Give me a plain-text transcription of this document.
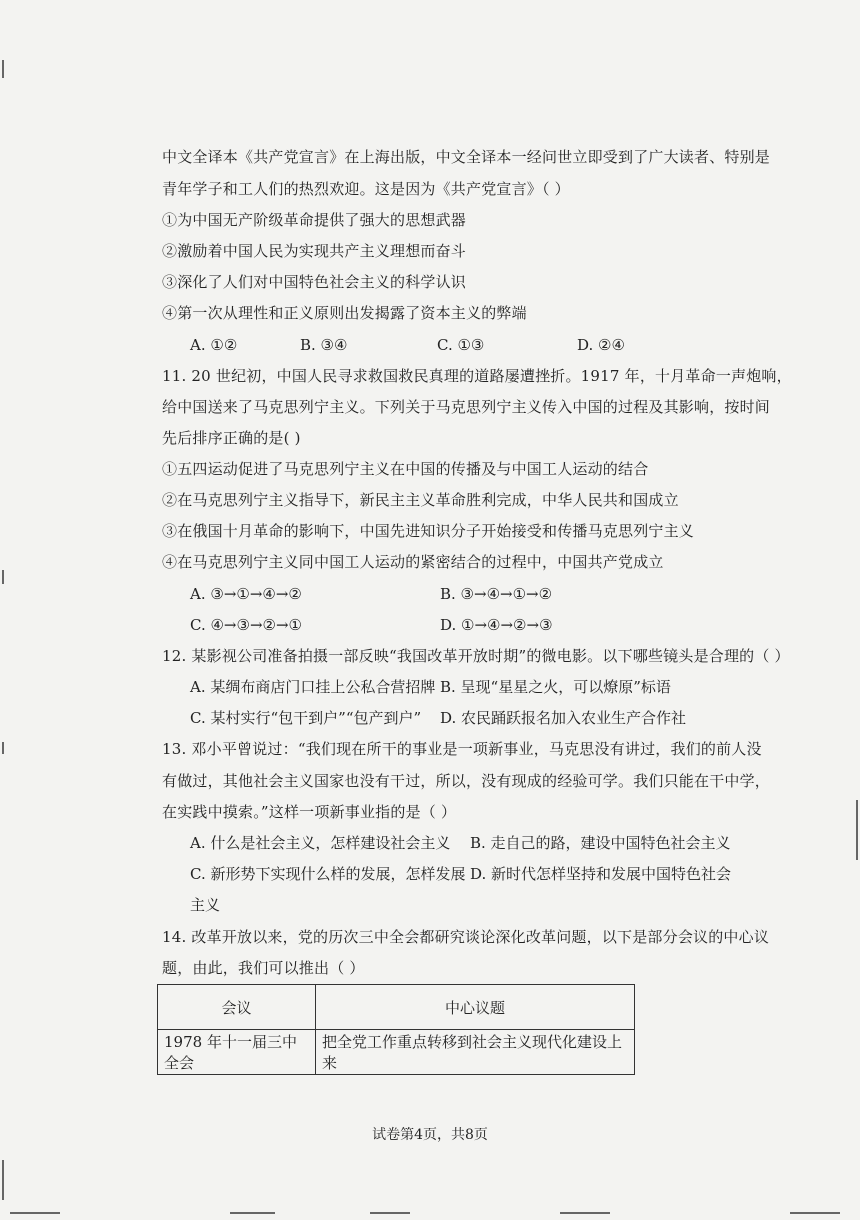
中文全译本《共产党宣言》在上海出版，中文全译本一经问世立即受到了广大读者、特别是
青年学子和工人们的热烈欢迎。这是因为《共产党宣言》（ ）
①为中国无产阶级革命提供了强大的思想武器
②激励着中国人民为实现共产主义理想而奋斗
③深化了人们对中国特色社会主义的科学认识
④第一次从理性和正义原则出发揭露了资本主义的弊端
A. ①②	B. ③④	C. ①③	D. ②④
11. 20 世纪初，中国人民寻求救国救民真理的道路屡遭挫折。1917 年，十月革命一声炮响，
给中国送来了马克思列宁主义。下列关于马克思列宁主义传入中国的过程及其影响，按时间
先后排序正确的是( )
①五四运动促进了马克思列宁主义在中国的传播及与中国工人运动的结合
②在马克思列宁主义指导下，新民主主义革命胜利完成，中华人民共和国成立
③在俄国十月革命的影响下，中国先进知识分子开始接受和传播马克思列宁主义
④在马克思列宁主义同中国工人运动的紧密结合的过程中，中国共产党成立
A. ③→①→④→②	B. ③→④→①→②
C. ④→③→②→①	D. ①→④→②→③
12. 某影视公司准备拍摄一部反映“我国改革开放时期”的微电影。以下哪些镜头是合理的（ ）
A. 某绸布商店门口挂上公私合营招牌 B. 呈现“星星之火，可以燎原”标语
C. 某村实行“包干到户”“包产到户” D. 农民踊跃报名加入农业生产合作社
13. 邓小平曾说过：“我们现在所干的事业是一项新事业，马克思没有讲过，我们的前人没
有做过，其他社会主义国家也没有干过，所以，没有现成的经验可学。我们只能在干中学，
在实践中摸索。”这样一项新事业指的是（ ）
A. 什么是社会主义，怎样建设社会主义 B. 走自己的路，建设中国特色社会主义
C. 新形势下实现什么样的发展，怎样发展 D. 新时代怎样坚持和发展中国特色社会
主义
14. 改革开放以来，党的历次三中全会都研究谈论深化改革问题，以下是部分会议的中心议
题，由此，我们可以推出（ ）
会议	中心议题
1978 年十一届三中全会	把全党工作重点转移到社会主义现代化建设上来
试卷第4页，共8页
